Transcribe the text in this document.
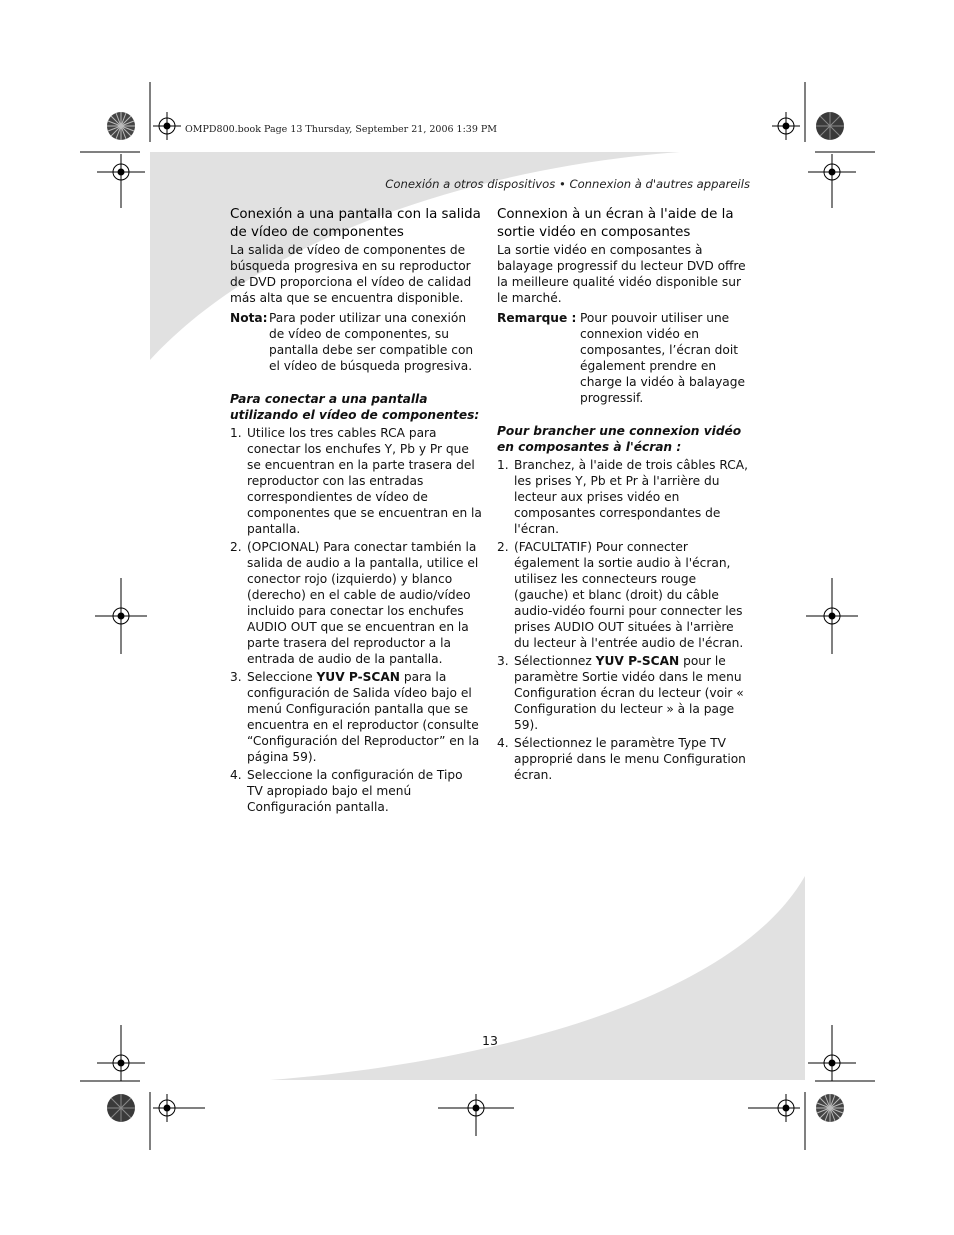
OMPD800.book Page 13 Thursday, September 21, 2006 1:39 PM
Conexión a otros dispositivos • Connexion à d'autres appareils
Conexión a una pantalla con la salida de vídeo de componentes

La salida de vídeo de componentes de búsqueda progresiva en su reproductor de DVD proporciona el vídeo de calidad más alta que se encuentra disponible.

Nota: Para poder utilizar una conexión de vídeo de componentes, su pantalla debe ser compatible con el vídeo de búsqueda progresiva.
Para conectar a una pantalla utilizando el vídeo de componentes:
1. Utilice los tres cables RCA para conectar los enchufes Y, Pb y Pr que se encuentran en la parte trasera del reproductor con las entradas correspondientes de vídeo de componentes que se encuentran en la pantalla.
2. (OPCIONAL) Para conectar también la salida de audio a la pantalla, utilice el conector rojo (izquierdo) y blanco (derecho) en el cable de audio/vídeo incluido para conectar los enchufes AUDIO OUT que se encuentran en la parte trasera del reproductor a la entrada de audio de la pantalla.
3. Seleccione YUV P-SCAN para la configuración de Salida vídeo bajo el menú Configuración pantalla que se encuentra en el reproductor (consulte “Configuración del Reproductor” en la página 59).
4. Seleccione la configuración de Tipo TV apropiado bajo el menú Configuración pantalla.
Connexion à un écran à l'aide de la sortie vidéo en composantes

La sortie vidéo en composantes à balayage progressif du lecteur DVD offre la meilleure qualité vidéo disponible sur le marché.

Remarque : Pour pouvoir utiliser une connexion vidéo en composantes, l’écran doit également prendre en charge la vidéo à balayage progressif.
Pour brancher une connexion vidéo en composantes à l'écran :
1. Branchez, à l'aide de trois câbles RCA, les prises Y, Pb et Pr à l'arrière du lecteur aux prises vidéo en composantes correspondantes de l'écran.
2. (FACULTATIF) Pour connecter également la sortie audio à l'écran, utilisez les connecteurs rouge (gauche) et blanc (droit) du câble audio-vidéo fourni pour connecter les prises AUDIO OUT situées à l'arrière du lecteur à l'entrée audio de l'écran.
3. Sélectionnez YUV P-SCAN pour le paramètre Sortie vidéo dans le menu Configuration écran du lecteur (voir « Configuration du lecteur » à la page 59).
4. Sélectionnez le paramètre Type TV approprié dans le menu Configuration écran.
13
